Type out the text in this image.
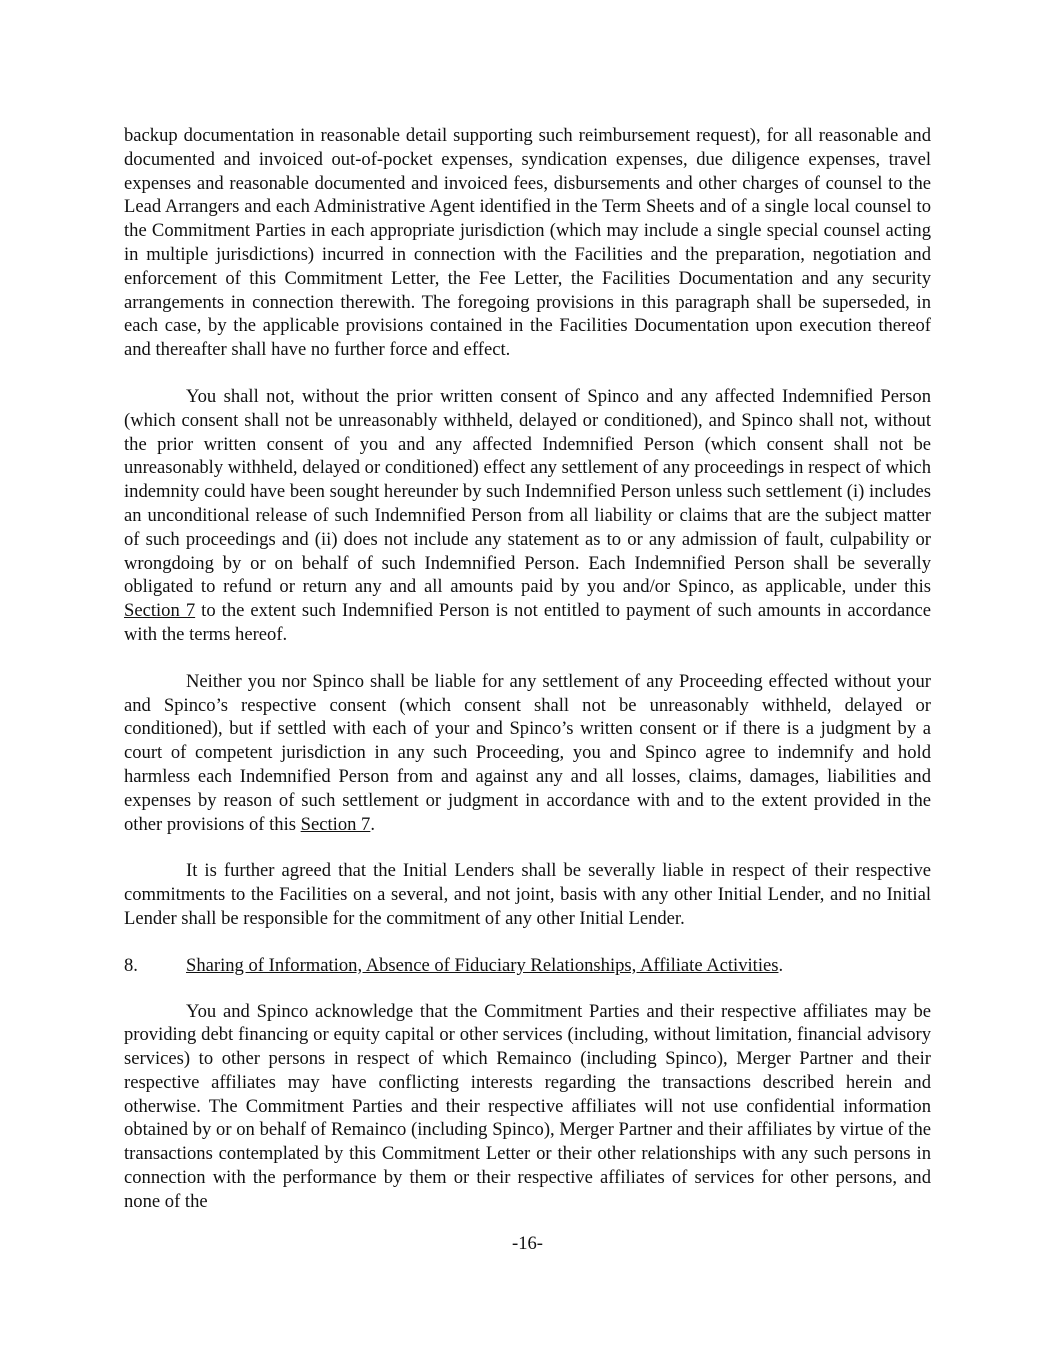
backup documentation in reasonable detail supporting such reimbursement request), for all reasonable and documented and invoiced out-of-pocket expenses, syndication expenses, due diligence expenses, travel expenses and reasonable documented and invoiced fees, disbursements and other charges of counsel to the Lead Arrangers and each Administrative Agent identified in the Term Sheets and of a single local counsel to the Commitment Parties in each appropriate jurisdiction (which may include a single special counsel acting in multiple jurisdictions) incurred in connection with the Facilities and the preparation, negotiation and enforcement of this Commitment Letter, the Fee Letter, the Facilities Documentation and any security arrangements in connection therewith. The foregoing provisions in this paragraph shall be superseded, in each case, by the applicable provisions contained in the Facilities Documentation upon execution thereof and thereafter shall have no further force and effect.

You shall not, without the prior written consent of Spinco and any affected Indemnified Person (which consent shall not be unreasonably withheld, delayed or conditioned), and Spinco shall not, without the prior written consent of you and any affected Indemnified Person (which consent shall not be unreasonably withheld, delayed or conditioned) effect any settlement of any proceedings in respect of which indemnity could have been sought hereunder by such Indemnified Person unless such settlement (i) includes an unconditional release of such Indemnified Person from all liability or claims that are the subject matter of such proceedings and (ii) does not include any statement as to or any admission of fault, culpability or wrongdoing by or on behalf of such Indemnified Person. Each Indemnified Person shall be severally obligated to refund or return any and all amounts paid by you and/or Spinco, as applicable, under this Section 7 to the extent such Indemnified Person is not entitled to payment of such amounts in accordance with the terms hereof.

Neither you nor Spinco shall be liable for any settlement of any Proceeding effected without your and Spinco’s respective consent (which consent shall not be unreasonably withheld, delayed or conditioned), but if settled with each of your and Spinco’s written consent or if there is a judgment by a court of competent jurisdiction in any such Proceeding, you and Spinco agree to indemnify and hold harmless each Indemnified Person from and against any and all losses, claims, damages, liabilities and expenses by reason of such settlement or judgment in accordance with and to the extent provided in the other provisions of this Section 7.

It is further agreed that the Initial Lenders shall be severally liable in respect of their respective commitments to the Facilities on a several, and not joint, basis with any other Initial Lender, and no Initial Lender shall be responsible for the commitment of any other Initial Lender.

8.	Sharing of Information, Absence of Fiduciary Relationships, Affiliate Activities.

You and Spinco acknowledge that the Commitment Parties and their respective affiliates may be providing debt financing or equity capital or other services (including, without limitation, financial advisory services) to other persons in respect of which Remainco (including Spinco), Merger Partner and their respective affiliates may have conflicting interests regarding the transactions described herein and otherwise. The Commitment Parties and their respective affiliates will not use confidential information obtained by or on behalf of Remainco (including Spinco), Merger Partner and their affiliates by virtue of the transactions contemplated by this Commitment Letter or their other relationships with any such persons in connection with the performance by them or their respective affiliates of services for other persons, and none of the

-16-
